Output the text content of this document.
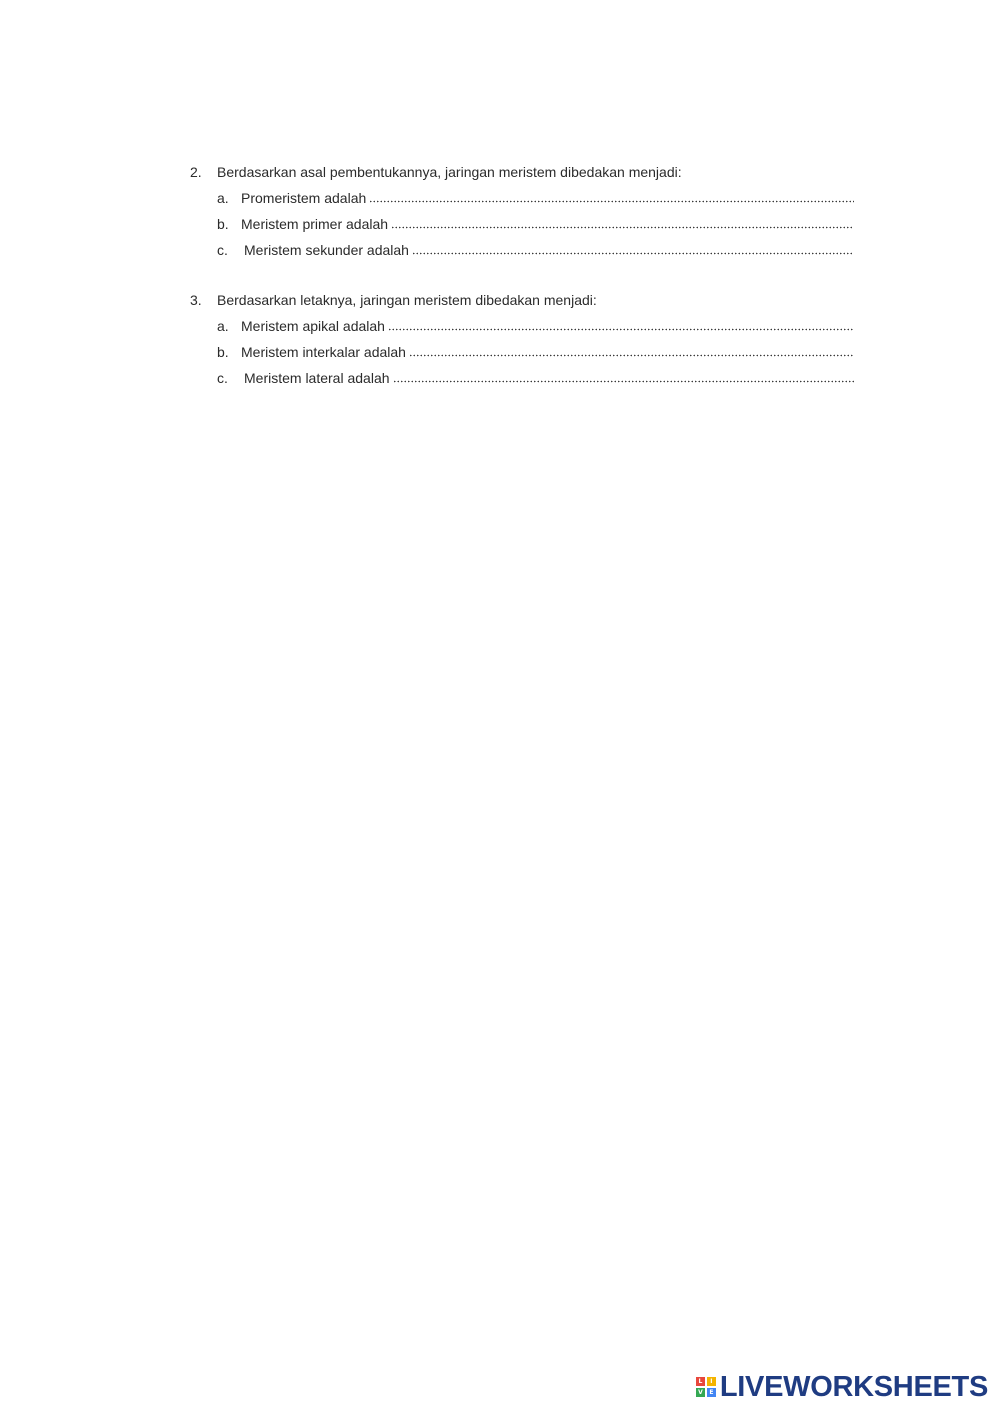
2.	Berdasarkan asal pembentukannya, jaringan meristem dibedakan menjadi:
a. Promeristem adalah
b. Meristem primer adalah
c.	Meristem sekunder adalah
3.	Berdasarkan letaknya, jaringan meristem dibedakan menjadi:
a. Meristem apikal adalah
b. Meristem interkalar adalah
c.	Meristem lateral adalah
L	I
V	E LIVEWORKSHEETS
